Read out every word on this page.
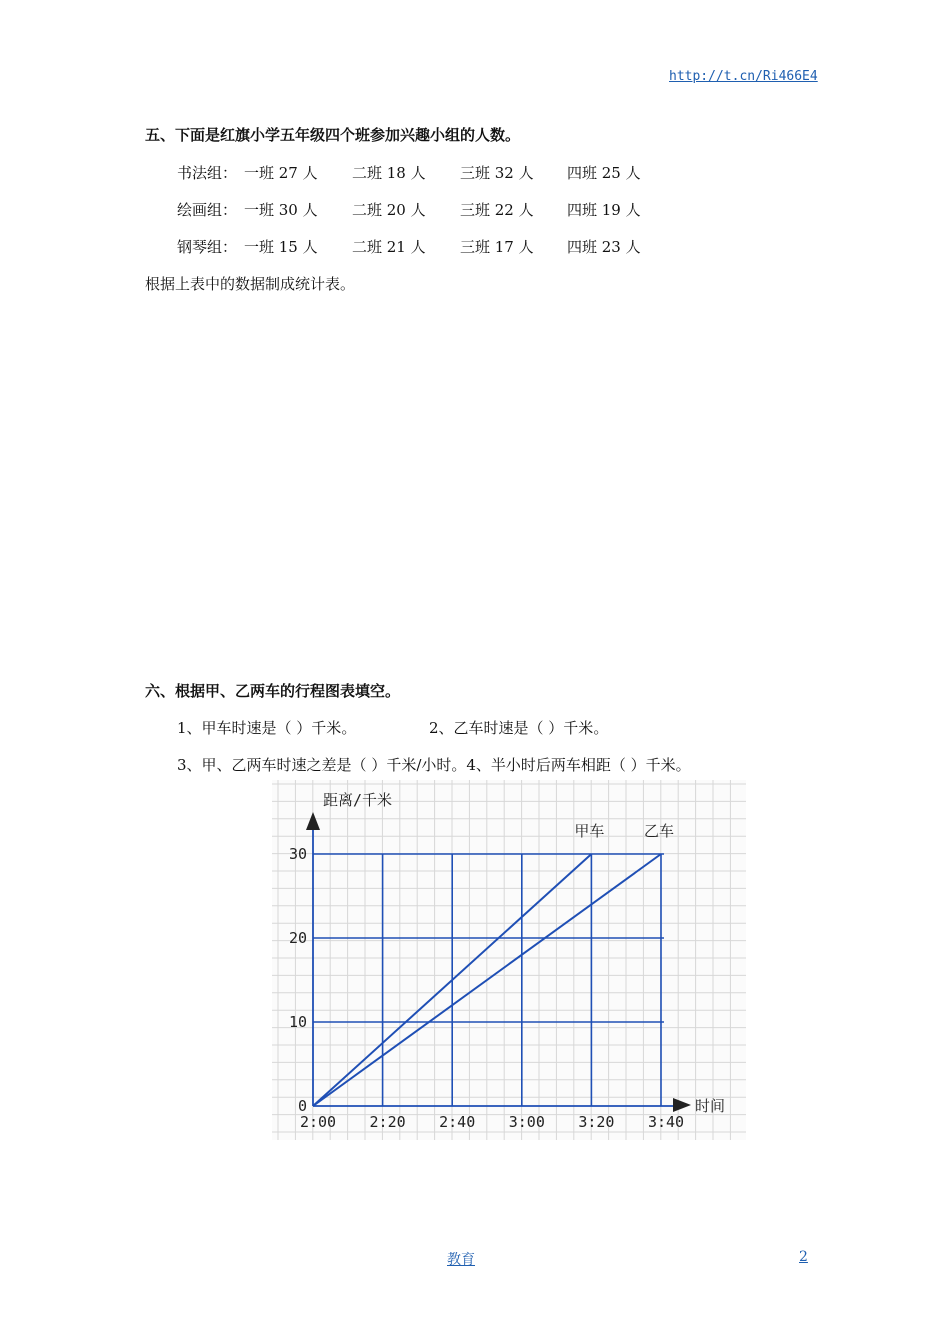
http://t.cn/Ri466E4
五、下面是红旗小学五年级四个班参加兴趣小组的人数。
书法组： 一班 27 人 二班 18 人 三班 32 人 四班 25 人
绘画组： 一班 30 人 二班 20 人 三班 22 人 四班 19 人
钢琴组： 一班 15 人 二班 21 人 三班 17 人 四班 23 人
根据上表中的数据制成统计表。
六、根据甲、乙两车的行程图表填空。
1、甲车时速是（ ）千米。	2、乙车时速是（ ）千米。
3、甲、乙两车时速之差是（ ）千米/小时。4、半小时后两车相距（ ）千米。
0
10
20
30
2:00 2:20 2:40 3:00 3:20 3:40
距离/千米
时间
甲车	乙车
教育	2
